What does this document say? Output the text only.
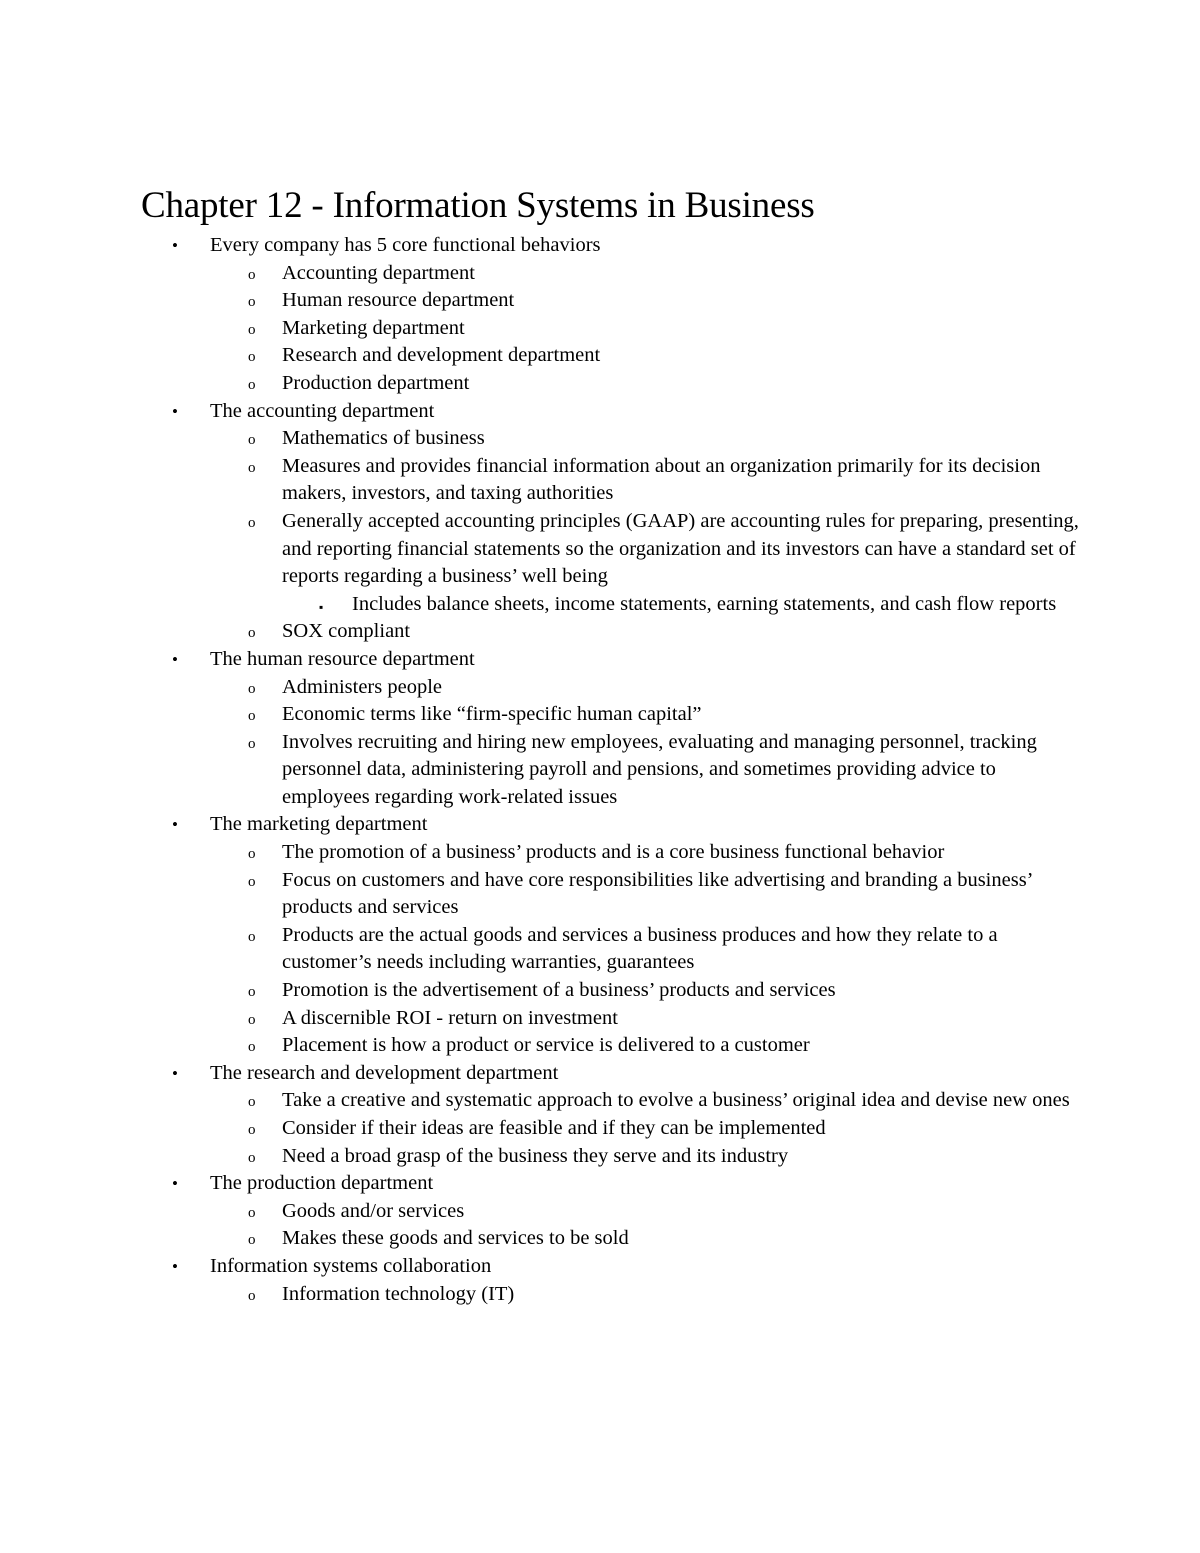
Chapter 12 - Information Systems in Business
• Every company has 5 core functional behaviors
o Accounting department
o Human resource department
o Marketing department
o Research and development department
o Production department
• The accounting department
o Mathematics of business
o Measures and provides financial information about an organization primarily for its decision makers, investors, and taxing authorities
o Generally accepted accounting principles (GAAP) are accounting rules for preparing, presenting, and reporting financial statements so the organization and its investors can have a standard set of reports regarding a business’ well being
▪ Includes balance sheets, income statements, earning statements, and cash flow reports
o SOX compliant
• The human resource department
o Administers people
o Economic terms like “firm-specific human capital”
o Involves recruiting and hiring new employees, evaluating and managing personnel, tracking personnel data, administering payroll and pensions, and sometimes providing advice to employees regarding work-related issues
• The marketing department
o The promotion of a business’ products and is a core business functional behavior
o Focus on customers and have core responsibilities like advertising and branding a business’ products and services
o Products are the actual goods and services a business produces and how they relate to a customer’s needs including warranties, guarantees
o Promotion is the advertisement of a business’ products and services
o A discernible ROI - return on investment
o Placement is how a product or service is delivered to a customer
• The research and development department
o Take a creative and systematic approach to evolve a business’ original idea and devise new ones
o Consider if their ideas are feasible and if they can be implemented
o Need a broad grasp of the business they serve and its industry
• The production department
o Goods and/or services
o Makes these goods and services to be sold
• Information systems collaboration
o Information technology (IT)
